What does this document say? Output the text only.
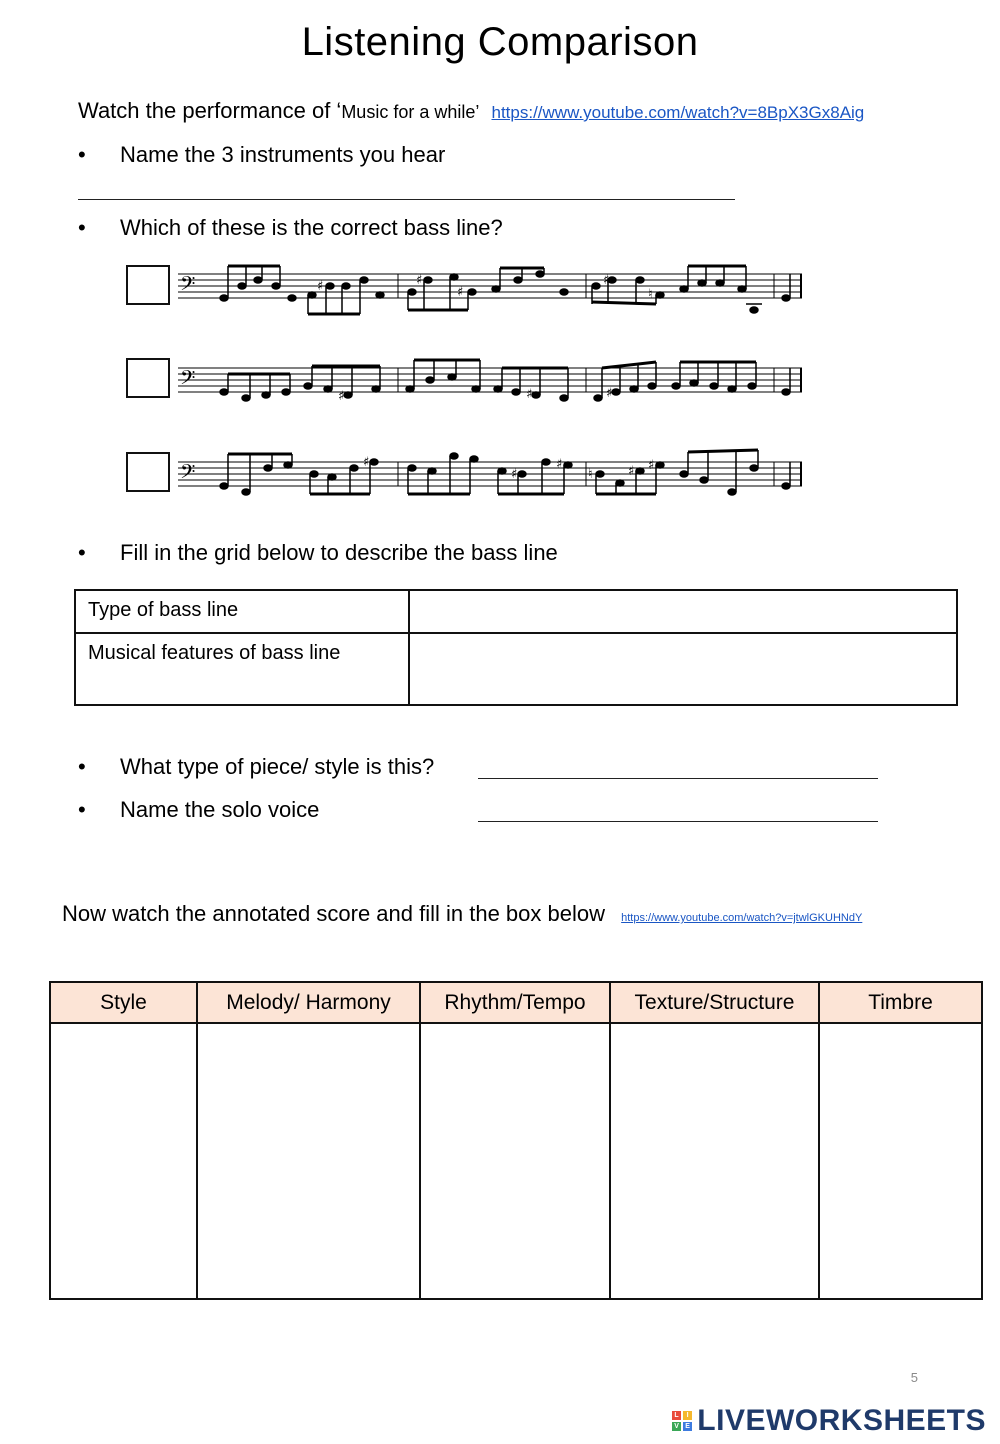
Listening Comparison
Watch the performance of ‘Music for a while’ https://www.youtube.com/watch?v=8BpX3Gx8Aig
• Name the 3 instruments you hear
• Which of these is the correct bass line?
𝄢	♯	♯
♯
♯
♮
𝄢
♯	♯	♯
𝄢	♯
♯
♯
♮	♯ ♯
• Fill in the grid below to describe the bass line
Type of bass line	
Musical features of bass line	
• What type of piece/ style is this?
• Name the solo voice
Now watch the annotated score and fill in the box below https://www.youtube.com/watch?v=jtwlGKUHNdY
Style	Melody/ Harmony	Rhythm/Tempo	Texture/Structure	Timbre

5
L	I
V E LIVEWORKSHEETS
